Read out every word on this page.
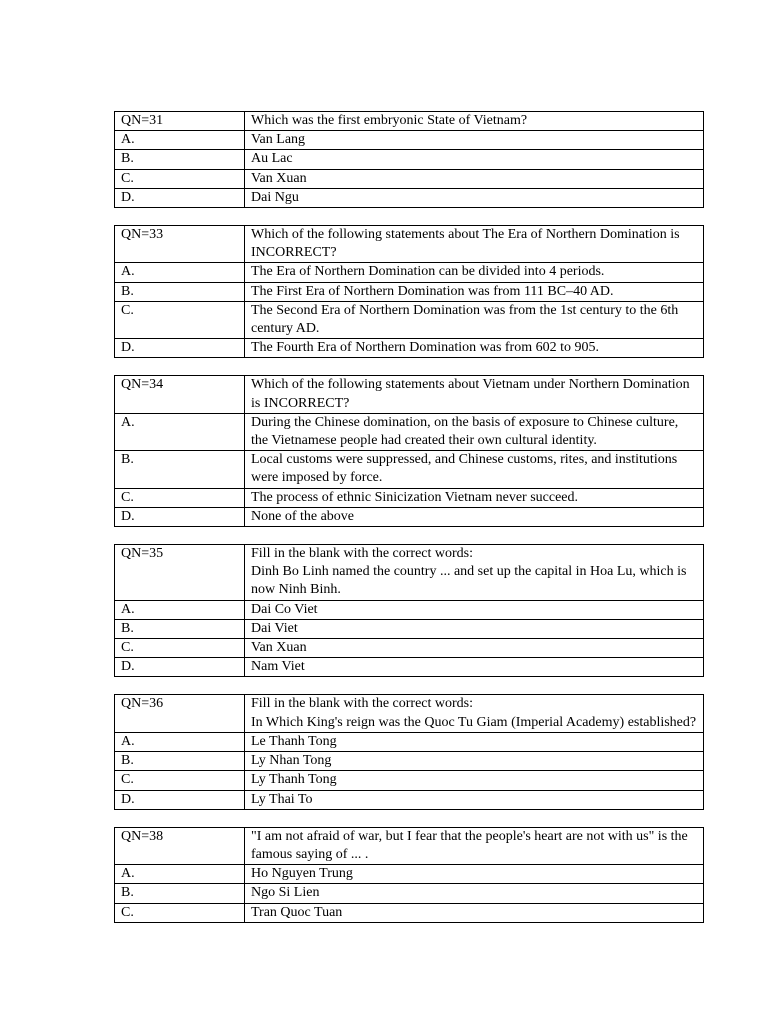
QN=31	Which was the first embryonic State of Vietnam?

A.	Van Lang
B.	Au Lac
C.	Van Xuan
D.	Dai Ngu
QN=33	Which of the following statements about The Era of Northern Domination is INCORRECT?

A.	The Era of Northern Domination can be divided into 4 periods.
B.	The First Era of Northern Domination was from 111 BC–40 AD.
C.	The Second Era of Northern Domination was from the 1st century to the 6th century AD.
D.	The Fourth Era of Northern Domination was from 602 to 905.
QN=34	Which of the following statements about Vietnam under Northern Domination is INCORRECT?

A.	During the Chinese domination, on the basis of exposure to Chinese culture, the Vietnamese people had created their own cultural identity.
B.	Local customs were suppressed, and Chinese customs, rites, and institutions were imposed by force.
C.	The process of ethnic Sinicization Vietnam never succeed.
D.	None of the above
QN=35	Fill in the blank with the correct words:
Dinh Bo Linh named the country ... and set up the capital in Hoa Lu, which is now Ninh Binh.

A.	Dai Co Viet
B.	Dai Viet
C.	Van Xuan
D.	Nam Viet
QN=36	Fill in the blank with the correct words:
In Which King's reign was the Quoc Tu Giam (Imperial Academy) established?

A.	Le Thanh Tong
B.	Ly Nhan Tong
C.	Ly Thanh Tong
D.	Ly Thai To
QN=38	"I am not afraid of war, but I fear that the people's heart are not with us" is the famous saying of ... .

A.	Ho Nguyen Trung
B.	Ngo Si Lien
C.	Tran Quoc Tuan
